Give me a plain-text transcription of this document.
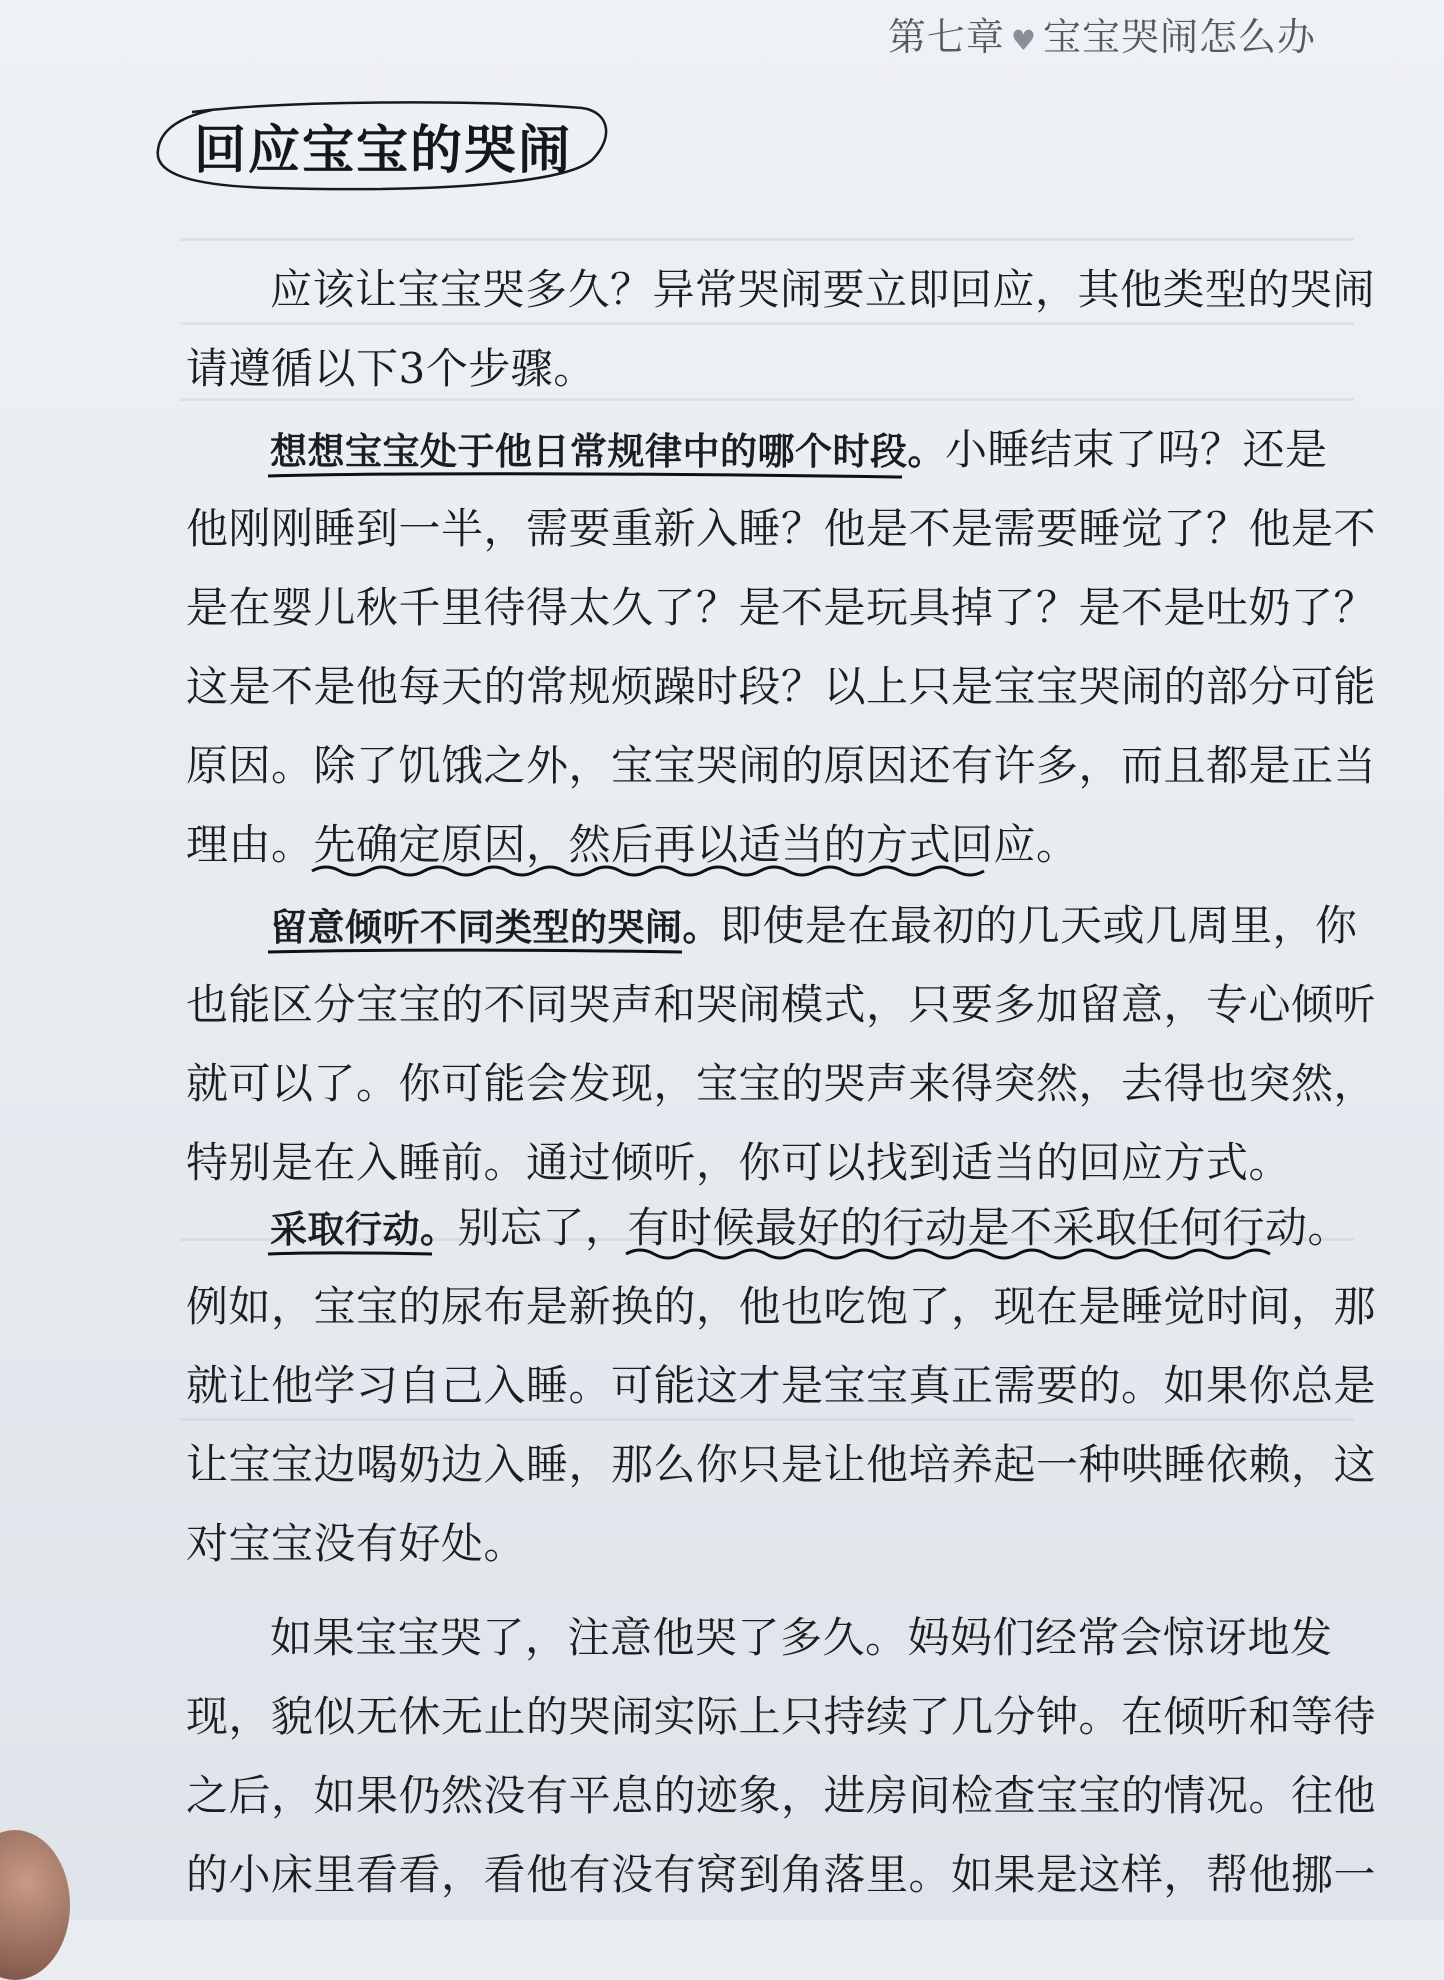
第七章 ♥ 宝宝哭闹怎么办
回应宝宝的哭闹
应该让宝宝哭多久？异常哭闹要立即回应，其他类型的哭闹
请遵循以下3个步骤。
想想宝宝处于他日常规律中的哪个时段。
小睡结束了吗？还是
他刚刚睡到一半，需要重新入睡？他是不是需要睡觉了？他是不
是在婴儿秋千里待得太久了？是不是玩具掉了？是不是吐奶了？
这是不是他每天的常规烦躁时段？以上只是宝宝哭闹的部分可能
原因。除了饥饿之外，宝宝哭闹的原因还有许多，而且都是正当
理由。先确定原因，然后再以适当的方式回应
。
留意倾听不同类型的哭闹。
即使是在最初的几天或几周里，你
也能区分宝宝的不同哭声和哭闹模式，只要多加留意，专心倾听
就可以了。你可能会发现，宝宝的哭声来得突然，去得也突然，
特别是在入睡前。通过倾听，你可以找到适当的回应方式。
采取行动。
别忘了，有时候最好的行动是不采取任何行动
。
例如，宝宝的尿布是新换的，他也吃饱了，现在是睡觉时间，那
就让他学习自己入睡。可能这才是宝宝真正需要的。如果你总是
让宝宝边喝奶边入睡，那么你只是让他培养起一种哄睡依赖，这
对宝宝没有好处。
如果宝宝哭了，注意他哭了多久。妈妈们经常会惊讶地发
现，貌似无休无止的哭闹实际上只持续了几分钟。在倾听和等待
之后，如果仍然没有平息的迹象，进房间检查宝宝的情况。往他
的小床里看看，看他有没有窝到角落里。如果是这样，帮他挪一
